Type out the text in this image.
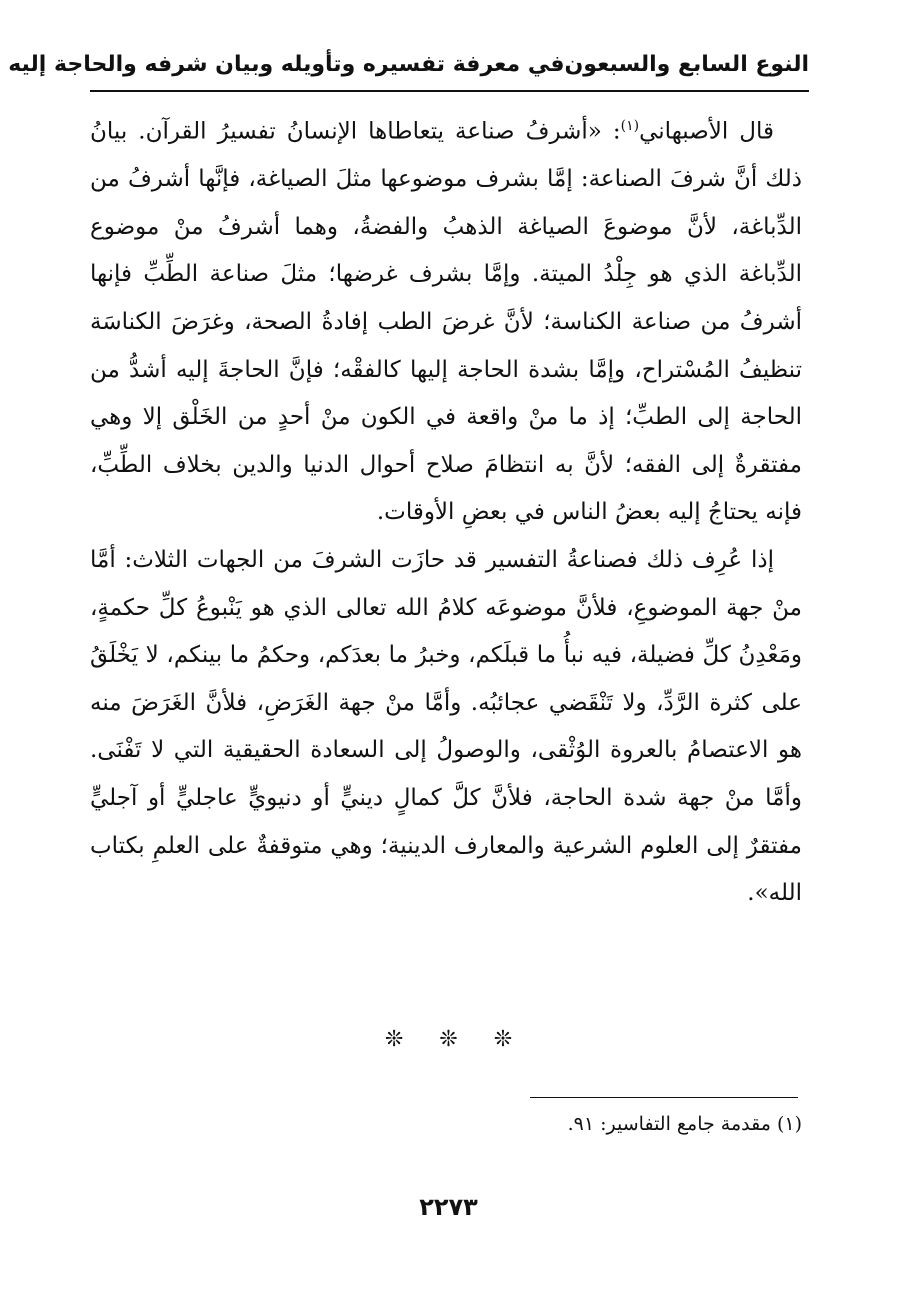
النوع السابع والسبعون
في معرفة تفسيره وتأويله وبيان شرفه والحاجة إليه

قال الأصبهاني$^{(١)}$: «أشرفُ صناعة يتعاطاها الإنسانُ تفسيرُ القرآن. بيانُ ذلك أنَّ شرفَ الصناعة: إمَّا بشرف موضوعها مثلَ الصياغة، فإنَّها أشرفُ من الدِّباغة، لأنَّ موضوعَ الصياغة الذهبُ والفضةُ، وهما أشرفُ منْ موضوع الدِّباغة الذي هو جِلْدُ الميتة. وإمَّا بشرف غرضها؛ مثلَ صناعة الطِّبِّ فإنها أشرفُ من صناعة الكناسة؛ لأنَّ غرضَ الطب إفادةُ الصحة، وغرَضَ الكناسَة تنظيفُ المُسْتراح، وإمَّا بشدة الحاجة إليها كالفقْه؛ فإنَّ الحاجةَ إليه أشدُّ من الحاجة إلى الطبِّ؛ إذ ما منْ واقعة في الكون منْ أحدٍ من الخَلْق إلا وهي مفتقرةٌ إلى الفقه؛ لأنَّ به انتظامَ صلاح أحوال الدنيا والدين بخلاف الطِّبِّ، فإنه يحتاجُ إليه بعضُ الناس في بعضِ الأوقات.

إذا عُرِف ذلك فصناعةُ التفسير قد حازَت الشرفَ من الجهات الثلاث: أمَّا منْ جهة الموضوعِ، فلأنَّ موضوعَه كلامُ الله تعالى الذي هو يَنْبوعُ كلِّ حكمةٍ، ومَعْدِنُ كلِّ فضيلة، فيه نبأُ ما قبلَكم، وخبرُ ما بعدَكم، وحكمُ ما بينكم، لا يَخْلَقُ على كثرة الرَّدِّ، ولا تَنْقَضي عجائبُه. وأمَّا منْ جهة الغَرَضِ، فلأنَّ الغَرَضَ منه هو الاعتصامُ بالعروة الوُثْقى، والوصولُ إلى السعادة الحقيقية التي لا تَفْنَى. وأمَّا منْ جهة شدة الحاجة، فلأنَّ كلَّ كمالٍ دينيٍّ أو دنيويٍّ عاجليٍّ أو آجليٍّ مفتقرٌ إلى العلوم الشرعية والمعارف الدينية؛ وهي متوقفةٌ على العلمِ بكتاب الله».

❊
❊
❊
(١) مقدمة جامع التفاسير: ٩١.
٢٢٧٣
